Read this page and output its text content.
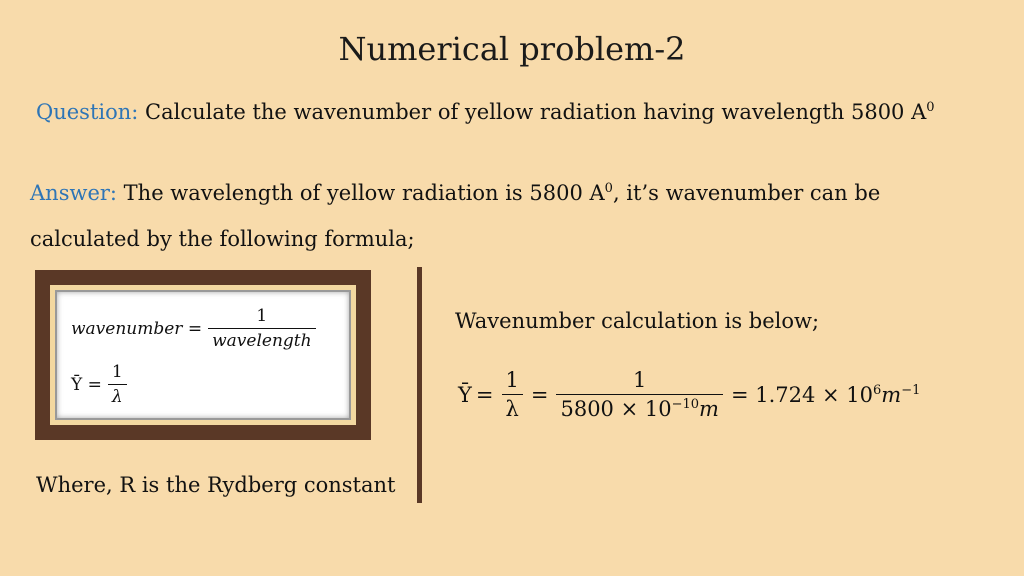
Numerical problem-2
Question: Calculate the wavenumber of yellow radiation having wavelength 5800 $A^0$
Answer: The wavelength of yellow radiation is 5800 $A^0$, it’s wavenumber can be calculated by the following formula;
wavenumber = $\frac{1}{\text{wavelength}}$
Ῡ = $\frac{1}{\lambda}$
Where, R is the Rydberg constant
Wavenumber calculation is below;
Ῡ = $\frac{1}{\lambda} = \frac{1}{5800 \times 10^{-10}m} = 1.724 \times 10^6m^{-1}$
